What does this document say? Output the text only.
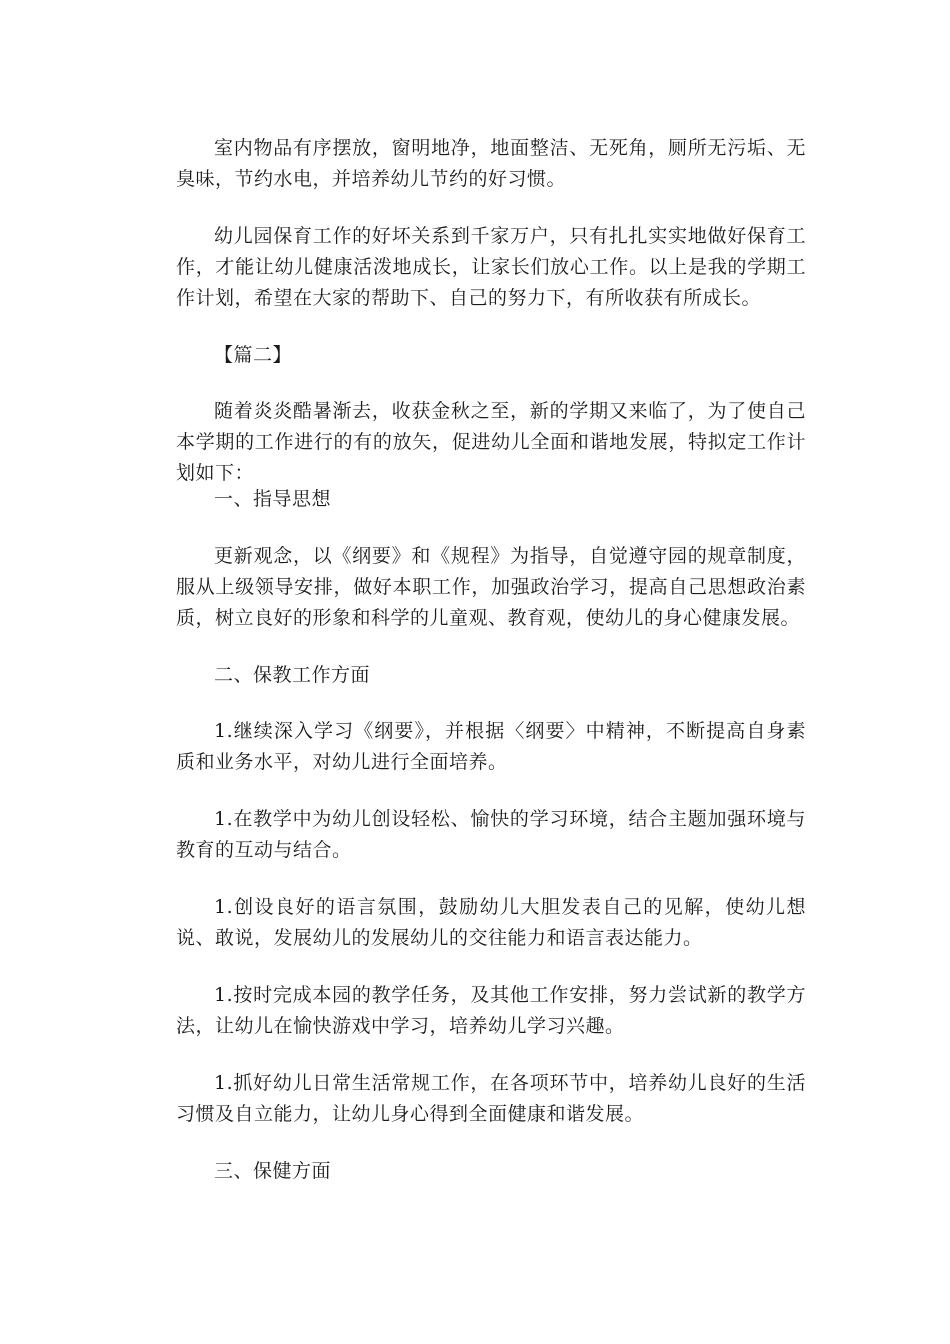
室内物品有序摆放，窗明地净，地面整洁、无死角，厕所无污垢、无臭味，节约水电，并培养幼儿节约的好习惯。

幼儿园保育工作的好坏关系到千家万户，只有扎扎实实地做好保育工作，才能让幼儿健康活泼地成长，让家长们放心工作。以上是我的学期工作计划，希望在大家的帮助下、自己的努力下，有所收获有所成长。

【篇二】

随着炎炎酷暑渐去，收获金秋之至，新的学期又来临了，为了使自己本学期的工作进行的有的放矢，促进幼儿全面和谐地发展，特拟定工作计划如下：

一、指导思想

更新观念，以《纲要》和《规程》为指导，自觉遵守园的规章制度，服从上级领导安排，做好本职工作，加强政治学习，提高自己思想政治素质，树立良好的形象和科学的儿童观、教育观，使幼儿的身心健康发展。

二、保教工作方面

1.继续深入学习《纲要》，并根据〈纲要〉中精神，不断提高自身素质和业务水平，对幼儿进行全面培养。

1.在教学中为幼儿创设轻松、愉快的学习环境，结合主题加强环境与教育的互动与结合。

1.创设良好的语言氛围，鼓励幼儿大胆发表自己的见解，使幼儿想说、敢说，发展幼儿的发展幼儿的交往能力和语言表达能力。

1.按时完成本园的教学任务，及其他工作安排，努力尝试新的教学方法，让幼儿在愉快游戏中学习，培养幼儿学习兴趣。

1.抓好幼儿日常生活常规工作，在各项环节中，培养幼儿良好的生活习惯及自立能力，让幼儿身心得到全面健康和谐发展。

三、保健方面
